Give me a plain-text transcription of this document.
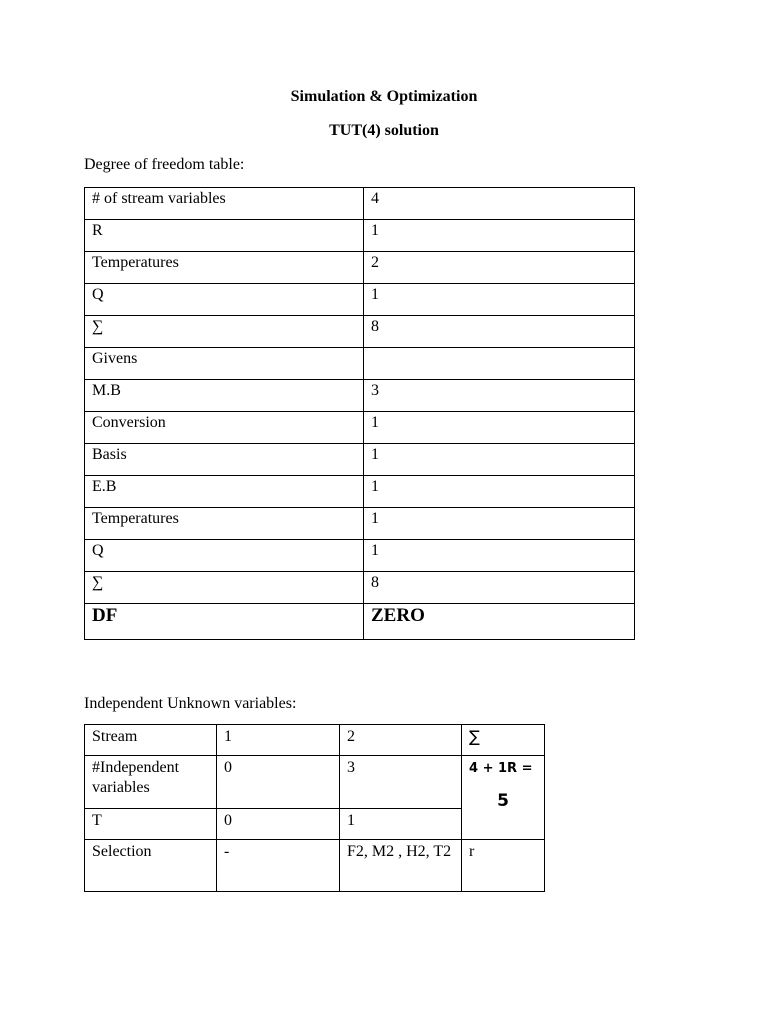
Simulation & Optimization
TUT(4) solution
Degree of freedom table:
# of stream variables	4

R	1

Temperatures	2

Q	1

∑	8

Givens	

M.B	3

Conversion	1

Basis	1

E.B	1

Temperatures	1

Q	1

∑	8

DF	ZERO
Independent Unknown variables:
Stream	1	2	∑
#Independent variables	0	3	4 + 1R =
5

T	0	1	
Selection	-	F2, M2 , H2, T2	r
